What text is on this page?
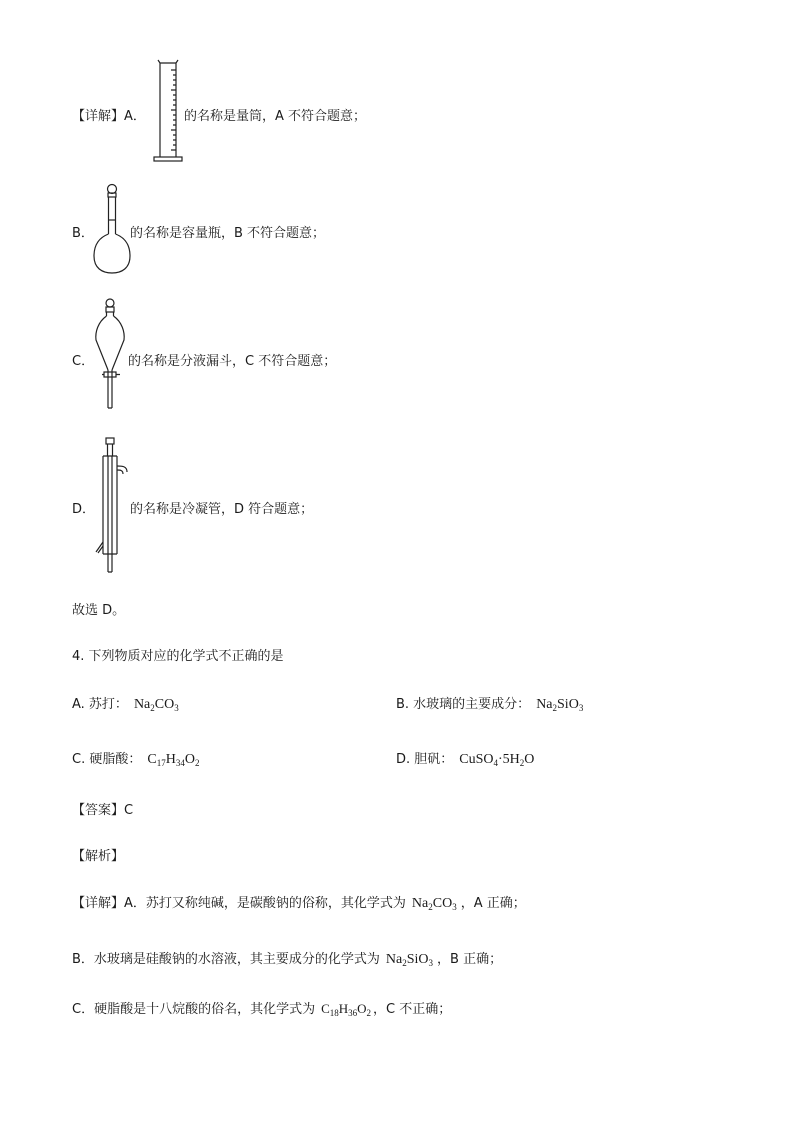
【详解】A．	的名称是量筒，A 不符合题意；
B．	的名称是容量瓶，B 不符合题意；
C．	的名称是分液漏斗，C 不符合题意；
D．	的名称是冷凝管，D 符合题意；
故选 D。
4. 下列物质对应的化学式不正确的是
A. 苏打： $Na_2CO_3$	B. 水玻璃的主要成分： $Na_2SiO_3$
C. 硬脂酸： $C_{17}H_{34}O_2$	D. 胆矾： $CuSO_4\cdot 5H_2O$
【答案】C
【解析】
【详解】A．苏打又称纯碱，是碳酸钠的俗称，其化学式为 $Na_2CO_3$ ，A 正确；
B．水玻璃是硅酸钠的水溶液，其主要成分的化学式为 $Na_2SiO_3$ ，B 正确；
C．硬脂酸是十八烷酸的俗名，其化学式为 $C_{18}H_{36}O_2$ ，C 不正确；
